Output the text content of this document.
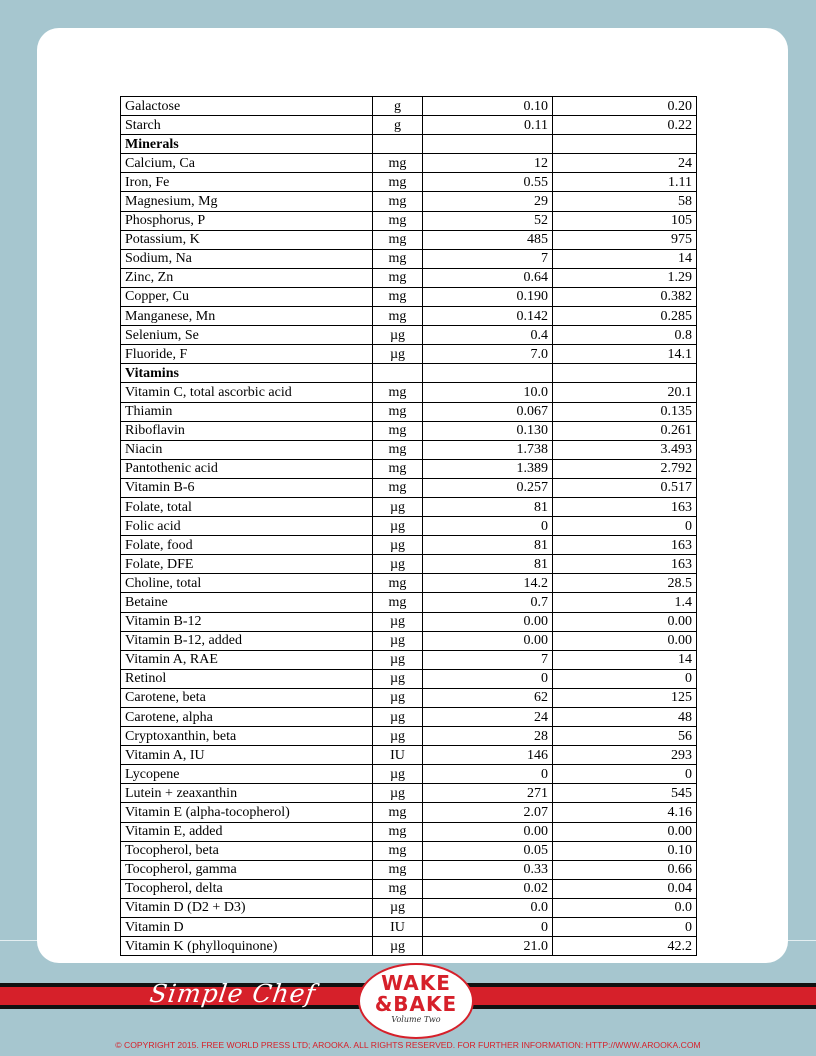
Galactose	g	0.10	0.20
Starch	g	0.11	0.22
Minerals			
Calcium, Ca	mg	12	24
Iron, Fe	mg	0.55	1.11
Magnesium, Mg	mg	29	58
Phosphorus, P	mg	52	105
Potassium, K	mg	485	975
Sodium, Na	mg	7	14
Zinc, Zn	mg	0.64	1.29
Copper, Cu	mg	0.190	0.382
Manganese, Mn	mg	0.142	0.285
Selenium, Se	µg	0.4	0.8
Fluoride, F	µg	7.0	14.1
Vitamins			
Vitamin C, total ascorbic acid	mg	10.0	20.1
Thiamin	mg	0.067	0.135
Riboflavin	mg	0.130	0.261
Niacin	mg	1.738	3.493
Pantothenic acid	mg	1.389	2.792
Vitamin B-6	mg	0.257	0.517
Folate, total	µg	81	163
Folic acid	µg	0	0
Folate, food	µg	81	163
Folate, DFE	µg	81	163
Choline, total	mg	14.2	28.5
Betaine	mg	0.7	1.4
Vitamin B-12	µg	0.00	0.00
Vitamin B-12, added	µg	0.00	0.00
Vitamin A, RAE	µg	7	14
Retinol	µg	0	0
Carotene, beta	µg	62	125
Carotene, alpha	µg	24	48
Cryptoxanthin, beta	µg	28	56
Vitamin A, IU	IU	146	293
Lycopene	µg	0	0
Lutein + zeaxanthin	µg	271	545
Vitamin E (alpha-tocopherol)	mg	2.07	4.16
Vitamin E, added	mg	0.00	0.00
Tocopherol, beta	mg	0.05	0.10
Tocopherol, gamma	mg	0.33	0.66
Tocopherol, delta	mg	0.02	0.04
Vitamin D (D2 + D3)	µg	0.0	0.0
Vitamin D	IU	0	0
Vitamin K (phylloquinone)	µg	21.0	42.2
Simple Chef	WAKE
&BAKE
Volume Two
© COPYRIGHT 2015. FREE WORLD PRESS LTD; AROOKA. ALL RIGHTS RESERVED. FOR FURTHER INFORMATION: HTTP://WWW.AROOKA.COM
